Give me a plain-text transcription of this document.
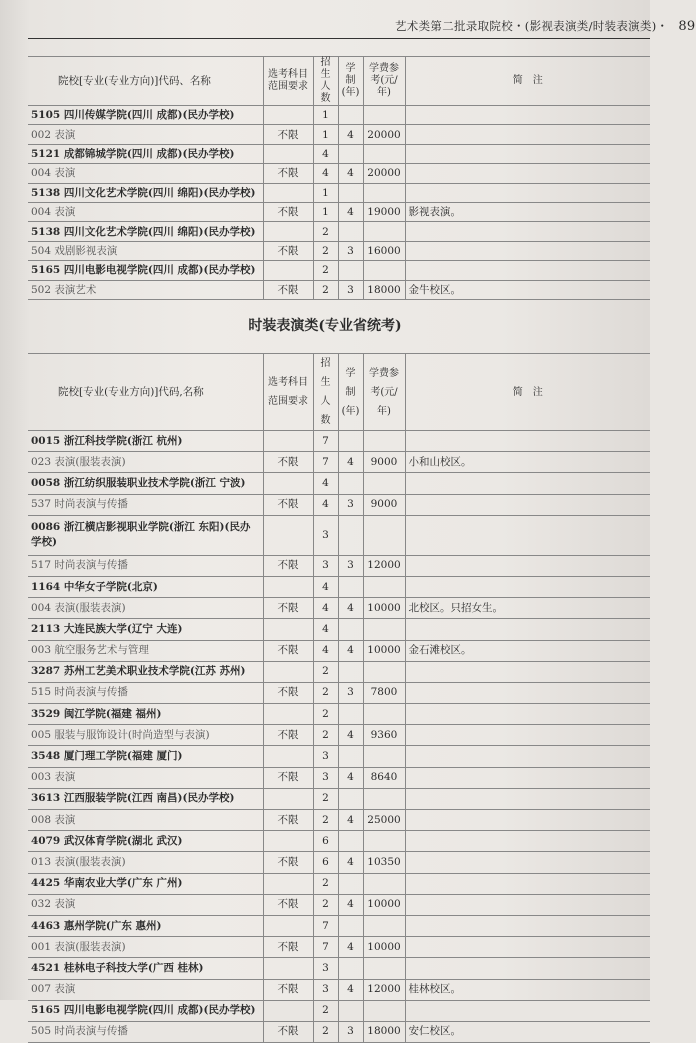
艺术类第二批录取院校・(影视表演类/时装表演类)・ 89
院校[专业(专业方向)]代码、名称	选考科目范围要求	招生人数	学制(年)	学费参考(元/年)	简　注
5105 四川传媒学院(四川 成都)(民办学校)		1			
002 表演	不限	1	4	20000	
5121 成都锦城学院(四川 成都)(民办学校)		4			
004 表演	不限	4	4	20000	
5138 四川文化艺术学院(四川 绵阳)(民办学校)		1			
004 表演	不限	1	4	19000	影视表演。
5138 四川文化艺术学院(四川 绵阳)(民办学校)		2			
504 戏剧影视表演	不限	2	3	16000	
5165 四川电影电视学院(四川 成都)(民办学校)		2			
502 表演艺术	不限	2	3	18000	金牛校区。
时装表演类(专业省统考)
院校[专业(专业方向)]代码,名称	选考科目范围要求	招生人数	学制(年)	学费参考(元/年)	简　注
0015 浙江科技学院(浙江 杭州)		7			
023 表演(服装表演)	不限	7	4	9000	小和山校区。
0058 浙江纺织服装职业技术学院(浙江 宁波)		4			
537 时尚表演与传播	不限	4	3	9000	
0086 浙江横店影视职业学院(浙江 东阳)(民办学校)		3			
517 时尚表演与传播	不限	3	3	12000	
1164 中华女子学院(北京)		4			
004 表演(服装表演)	不限	4	4	10000	北校区。只招女生。
2113 大连民族大学(辽宁 大连)		4			
003 航空服务艺术与管理	不限	4	4	10000	金石滩校区。
3287 苏州工艺美术职业技术学院(江苏 苏州)		2			
515 时尚表演与传播	不限	2	3	7800	
3529 闽江学院(福建 福州)		2			
005 服装与服饰设计(时尚造型与表演)	不限	2	4	9360	
3548 厦门理工学院(福建 厦门)		3			
003 表演	不限	3	4	8640	
3613 江西服装学院(江西 南昌)(民办学校)		2			
008 表演	不限	2	4	25000	
4079 武汉体育学院(湖北 武汉)		6			
013 表演(服装表演)	不限	6	4	10350	
4425 华南农业大学(广东 广州)		2			
032 表演	不限	2	4	10000	
4463 惠州学院(广东 惠州)		7			
001 表演(服装表演)	不限	7	4	10000	
4521 桂林电子科技大学(广西 桂林)		3			
007 表演	不限	3	4	12000	桂林校区。
5165 四川电影电视学院(四川 成都)(民办学校)		2			
505 时尚表演与传播	不限	2	3	18000	安仁校区。
